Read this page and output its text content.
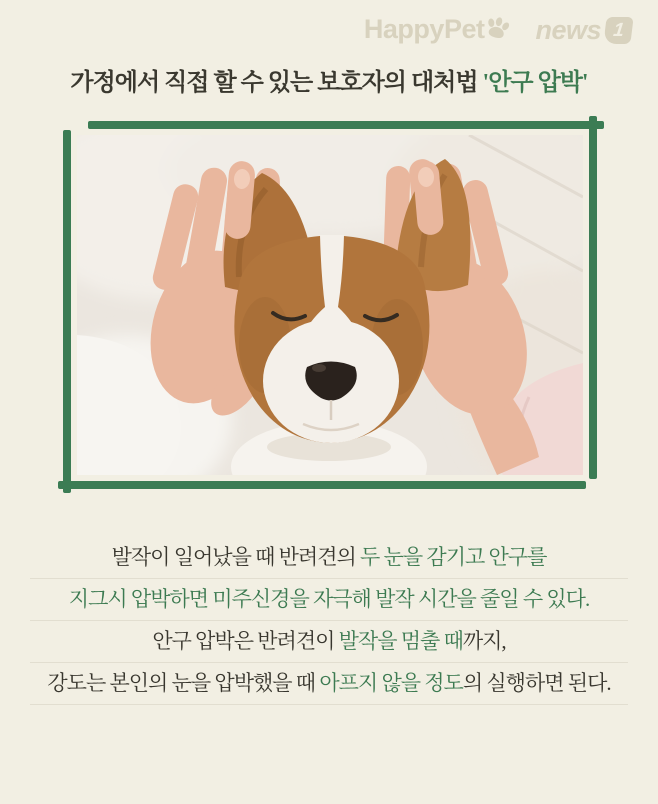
HappyPet news 1
가정에서 직접 할 수 있는 보호자의 대처법 '안구 압박'
발작이 일어났을 때 반려견의 두 눈을 감기고 안구를
지그시 압박하면 미주신경을 자극해 발작 시간을 줄일 수 있다.
안구 압박은 반려견이 발작을 멈출 때까지,
강도는 본인의 눈을 압박했을 때 아프지 않을 정도의 실행하면 된다.
